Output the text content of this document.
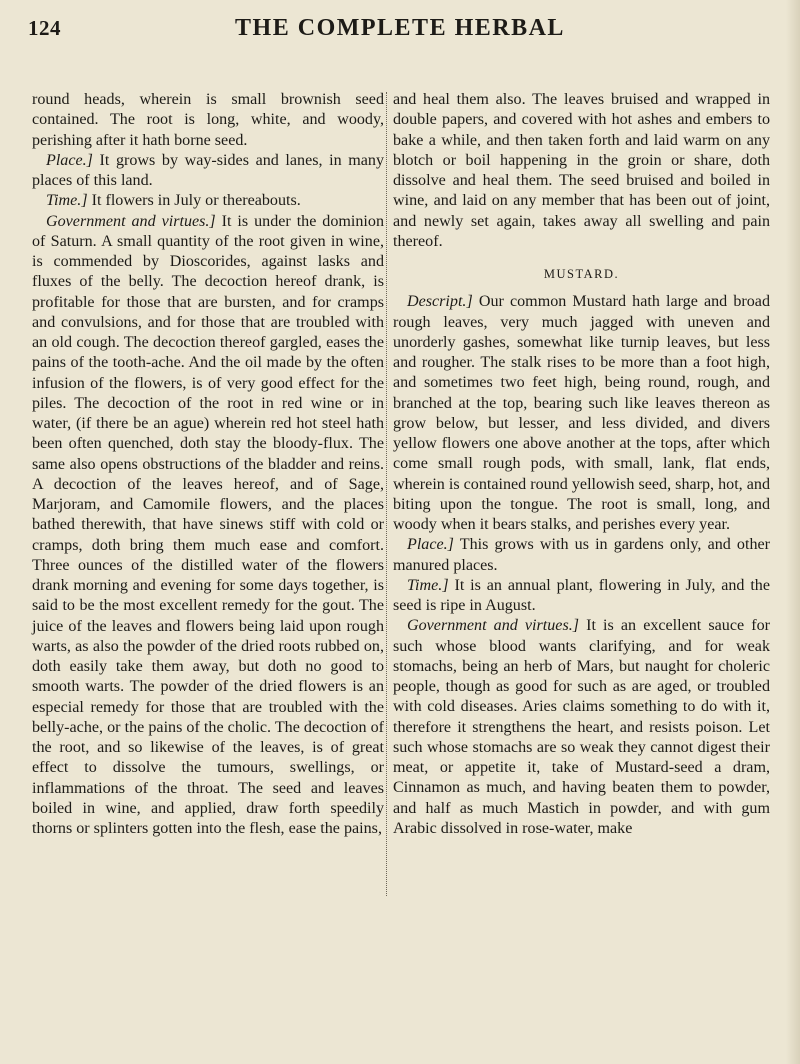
124	THE COMPLETE HERBAL

round heads, wherein is small brownish seed contained. The root is long, white, and woody, perishing after it hath borne seed.

Place.] It grows by way-sides and lanes, in many places of this land.

Time.] It flowers in July or thereabouts.

Government and virtues.] It is under the dominion of Saturn. A small quantity of the root given in wine, is commended by Dioscorides, against lasks and fluxes of the belly. The decoction hereof drank, is profitable for those that are bursten, and for cramps and convulsions, and for those that are troubled with an old cough. The decoction thereof gargled, eases the pains of the tooth-ache. And the oil made by the often infusion of the flowers, is of very good effect for the piles. The decoction of the root in red wine or in water, (if there be an ague) wherein red hot steel hath been often quenched, doth stay the bloody-flux. The same also opens obstructions of the bladder and reins. A decoction of the leaves hereof, and of Sage, Marjoram, and Camomile flowers, and the places bathed therewith, that have sinews stiff with cold or cramps, doth bring them much ease and comfort. Three ounces of the distilled water of the flowers drank morning and evening for some days together, is said to be the most excellent remedy for the gout. The juice of the leaves and flowers being laid upon rough warts, as also the powder of the dried roots rubbed on, doth easily take them away, but doth no good to smooth warts. The powder of the dried flowers is an especial remedy for those that are troubled with the belly-ache, or the pains of the cholic. The decoction of the root, and so likewise of the leaves, is of great effect to dissolve the tumours, swellings, or inflammations of the throat. The seed and leaves boiled in wine, and applied, draw forth speedily thorns or splinters gotten into the flesh, ease the pains,

and heal them also. The leaves bruised and wrapped in double papers, and covered with hot ashes and embers to bake a while, and then taken forth and laid warm on any blotch or boil happening in the groin or share, doth dissolve and heal them. The seed bruised and boiled in wine, and laid on any member that has been out of joint, and newly set again, takes away all swelling and pain thereof.

MUSTARD.

Descript.] Our common Mustard hath large and broad rough leaves, very much jagged with uneven and unorderly gashes, somewhat like turnip leaves, but less and rougher. The stalk rises to be more than a foot high, and sometimes two feet high, being round, rough, and branched at the top, bearing such like leaves thereon as grow below, but lesser, and less divided, and divers yellow flowers one above another at the tops, after which come small rough pods, with small, lank, flat ends, wherein is contained round yellowish seed, sharp, hot, and biting upon the tongue. The root is small, long, and woody when it bears stalks, and perishes every year.

Place.] This grows with us in gardens only, and other manured places.

Time.] It is an annual plant, flowering in July, and the seed is ripe in August.

Government and virtues.] It is an excellent sauce for such whose blood wants clarifying, and for weak stomachs, being an herb of Mars, but naught for choleric people, though as good for such as are aged, or troubled with cold diseases. Aries claims something to do with it, therefore it strengthens the heart, and resists poison. Let such whose stomachs are so weak they cannot digest their meat, or appetite it, take of Mustard-seed a dram, Cinnamon as much, and having beaten them to powder, and half as much Mastich in powder, and with gum Arabic dissolved in rose-water, make
